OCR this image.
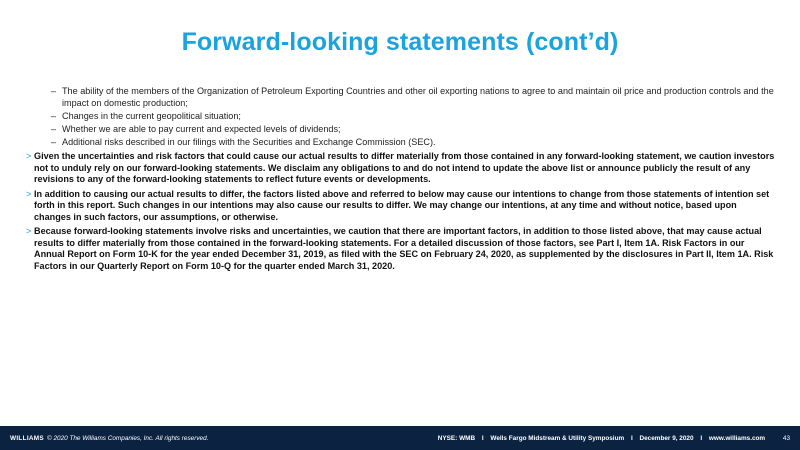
Forward-looking statements (cont’d)
– The ability of the members of the Organization of Petroleum Exporting Countries and other oil exporting nations to agree to and maintain oil price and production controls and the impact on domestic production;
– Changes in the current geopolitical situation;
– Whether we are able to pay current and expected levels of dividends;
– Additional risks described in our filings with the Securities and Exchange Commission (SEC).
> Given the uncertainties and risk factors that could cause our actual results to differ materially from those contained in any forward-looking statement, we caution investors not to unduly rely on our forward-looking statements. We disclaim any obligations to and do not intend to update the above list or announce publicly the result of any revisions to any of the forward-looking statements to reflect future events or developments.
> In addition to causing our actual results to differ, the factors listed above and referred to below may cause our intentions to change from those statements of intention set forth in this report. Such changes in our intentions may also cause our results to differ. We may change our intentions, at any time and without notice, based upon changes in such factors, our assumptions, or otherwise.
> Because forward-looking statements involve risks and uncertainties, we caution that there are important factors, in addition to those listed above, that may cause actual results to differ materially from those contained in the forward-looking statements. For a detailed discussion of those factors, see Part I, Item 1A. Risk Factors in our Annual Report on Form 10-K for the year ended December 31, 2019, as filed with the SEC on February 24, 2020, as supplemented by the disclosures in Part II, Item 1A. Risk Factors in our Quarterly Report on Form 10-Q for the quarter ended March 31, 2020.
WILLIAMS © 2020 The Williams Companies, Inc. All rights reserved.	NYSE: WMB I Wells Fargo Midstream & Utility Symposium I December 9, 2020 I www.williams.com	43
